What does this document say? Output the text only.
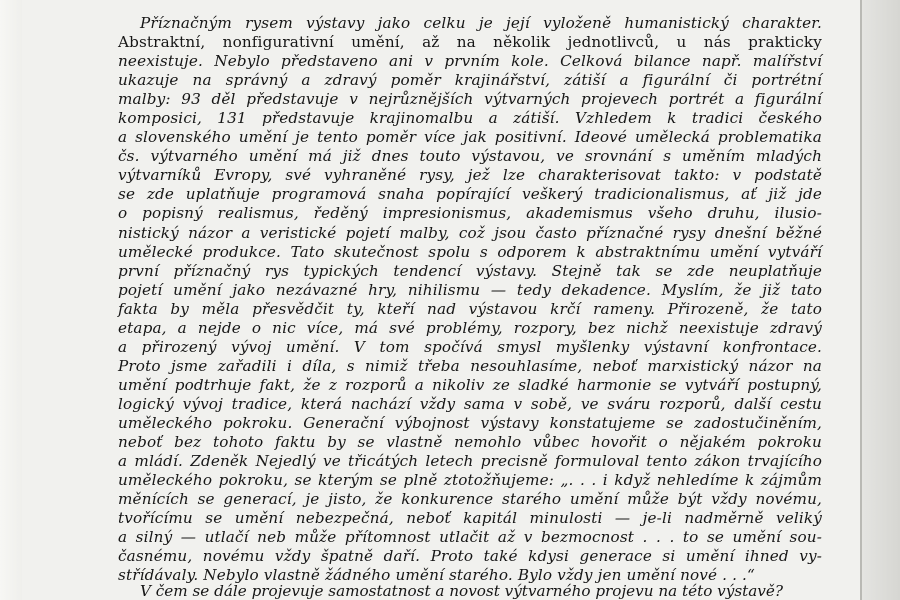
Příznačným rysem výstavy jako celku je její vyloženě humanistický charakter.
Abstraktní, nonfigurativní umění, až na několik jednotlivců, u nás prakticky
neexistuje. Nebylo představeno ani v prvním kole. Celková bilance např. malířství
ukazuje na správný a zdravý poměr krajinářství, zátiší a figurální či portrétní
malby: 93 děl představuje v nejrůznějších výtvarných projevech portrét a figurální
komposici, 131 představuje krajinomalbu a zátiší. Vzhledem k tradici českého
a slovenského umění je tento poměr více jak positivní. Ideové umělecká problematika
čs. výtvarného umění má již dnes touto výstavou, ve srovnání s uměním mladých
výtvarníků Evropy, své vyhraněné rysy, jež lze charakterisovat takto: v podstatě
se zde uplatňuje programová snaha popírající veškerý tradicionalismus, ať již jde
o popisný realismus, ředěný impresionismus, akademismus všeho druhu, ilusio-
nistický názor a veristické pojetí malby, což jsou často příznačné rysy dnešní běžné
umělecké produkce. Tato skutečnost spolu s odporem k abstraktnímu umění vytváří
první příznačný rys typických tendencí výstavy. Stejně tak se zde neuplatňuje
pojetí umění jako nezávazné hry, nihilismu — tedy dekadence. Myslím, že již tato
fakta by měla přesvědčit ty, kteří nad výstavou krčí rameny. Přirozeně, že tato
etapa, a nejde o nic více, má své problémy, rozpory, bez nichž neexistuje zdravý
a přirozený vývoj umění. V tom spočívá smysl myšlenky výstavní konfrontace.
Proto jsme zařadili i díla, s nimiž třeba nesouhlasíme, neboť marxistický názor na
umění podtrhuje fakt, že z rozporů a nikoliv ze sladké harmonie se vytváří postupný,
logický vývoj tradice, která nachází vždy sama v sobě, ve sváru rozporů, další cestu
uměleckého pokroku. Generační výbojnost výstavy konstatujeme se zadostučiněním,
neboť bez tohoto faktu by se vlastně nemohlo vůbec hovořit o nějakém pokroku
a mládí. Zdeněk Nejedlý ve třicátých letech precisně formuloval tento zákon trvajícího
uměleckého pokroku, se kterým se plně ztotožňujeme: „. . . i když nehledíme k zájmům
měnících se generací, je jisto, že konkurence starého umění může být vždy novému,
tvořícímu se umění nebezpečná, neboť kapitál minulosti — je-li nadměrně veliký
a silný — utlačí neb může přítomnost utlačit až v bezmocnost . . . to se umění sou-
časnému, novému vždy špatně daří. Proto také kdysi generace si umění ihned vy-
střídávaly. Nebylo vlastně žádného umění starého. Bylo vždy jen umění nové . . .“
V čem se dále projevuje samostatnost a novost výtvarného projevu na této výstavě?
